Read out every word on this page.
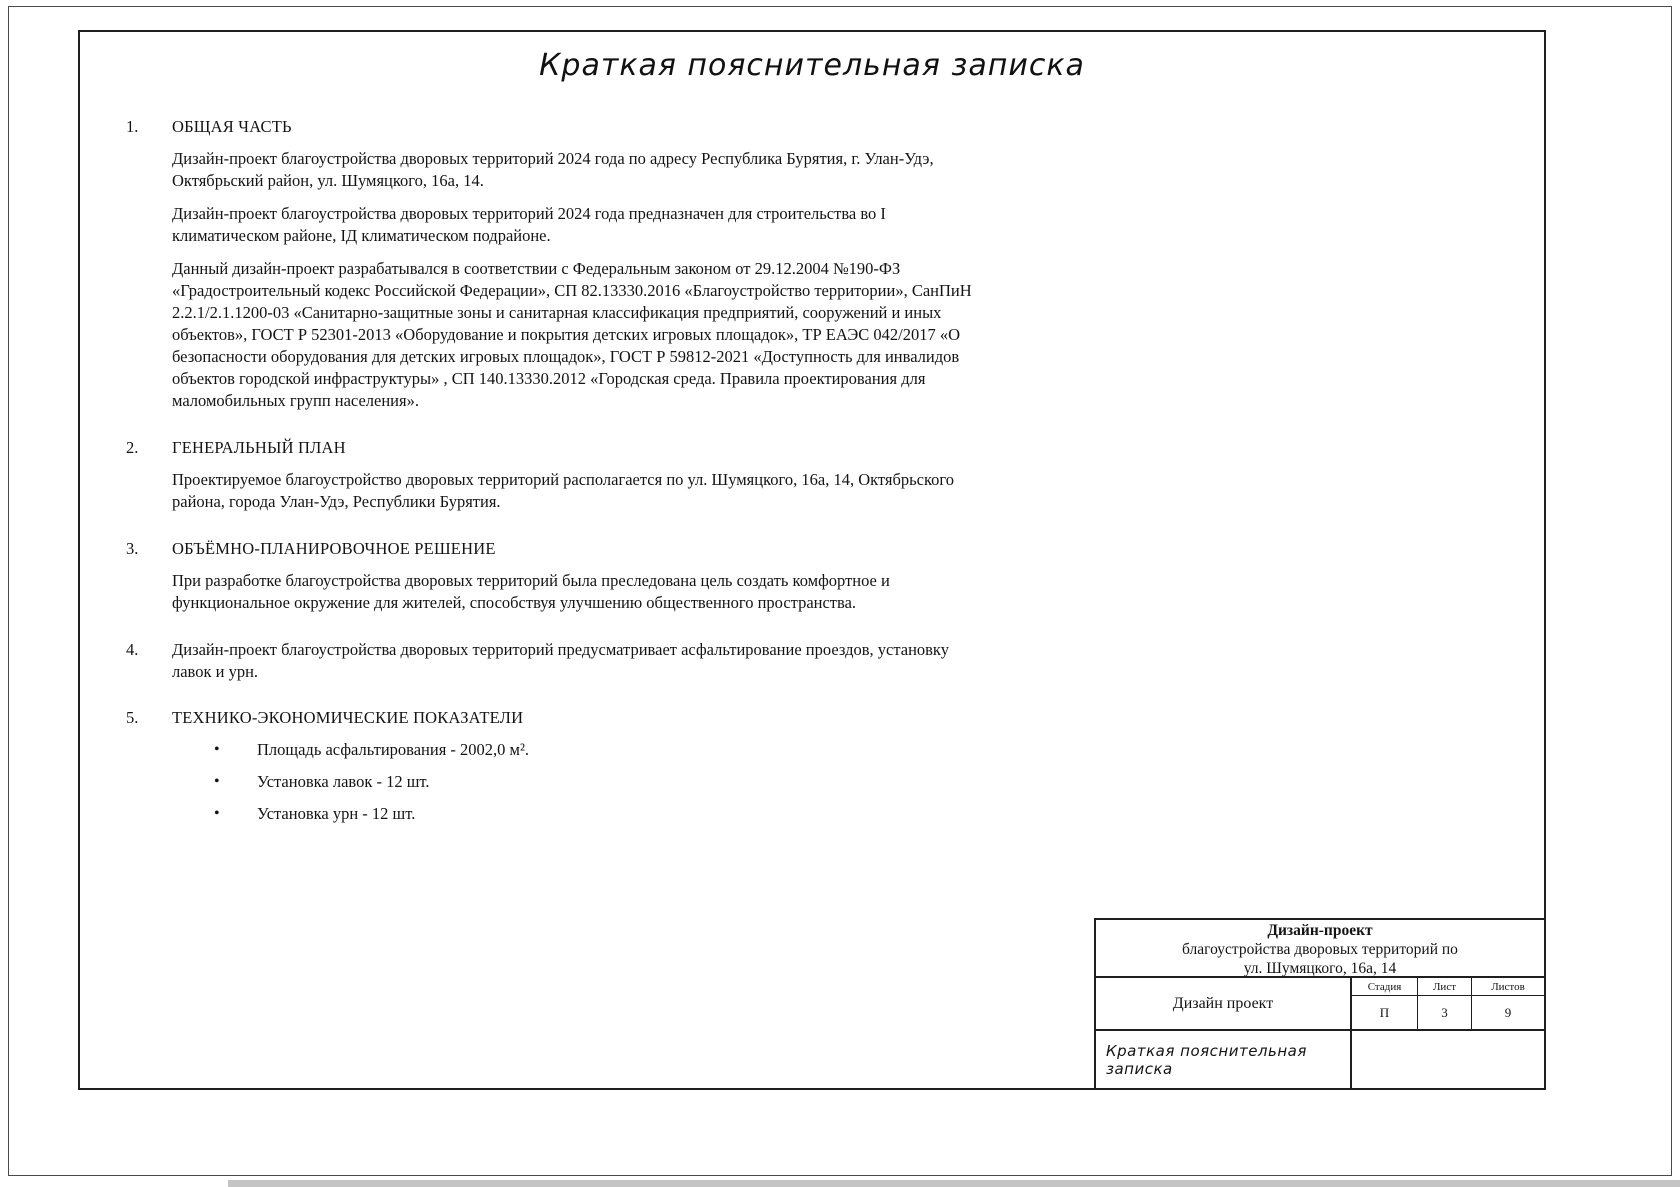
Краткая пояснительная записка
1.	ОБЩАЯ ЧАСТЬ

Дизайн-проект благоустройства дворовых территорий 2024 года по адресу Республика Бурятия, г. Улан-Удэ, Октябрьский район, ул. Шумяцкого, 16а, 14.

Дизайн-проект благоустройства дворовых территорий 2024 года предназначен для строительства во I климатическом районе, IД климатическом подрайоне.

Данный дизайн-проект разрабатывался в соответствии с Федеральным законом от 29.12.2004 №190-ФЗ «Градостроительный кодекс Российской Федерации», СП 82.13330.2016 «Благоустройство территории», СанПиН 2.2.1/2.1.1200-03 «Санитарно-защитные зоны и санитарная классификация предприятий, сооружений и иных объектов», ГОСТ Р 52301-2013 «Оборудование и покрытия детских игровых площадок», ТР ЕАЭС 042/2017 «О безопасности оборудования для детских игровых площадок», ГОСТ Р 59812-2021 «Доступность для инвалидов объектов городской инфраструктуры» , СП 140.13330.2012 «Городская среда. Правила проектирования для маломобильных групп населения».

2.	ГЕНЕРАЛЬНЫЙ ПЛАН

Проектируемое благоустройство дворовых территорий располагается по ул. Шумяцкого, 16а, 14, Октябрьского района, города Улан-Удэ, Республики Бурятия.

3.	ОБЪЁМНО-ПЛАНИРОВОЧНОЕ РЕШЕНИЕ

При разработке благоустройства дворовых территорий была преследована цель создать комфортное и функциональное окружение для жителей, способствуя улучшению общественного пространства.

4.	Дизайн-проект благоустройства дворовых территорий предусматривает асфальтирование проездов, установку лавок и урн.
5.	ТЕХНИКО-ЭКОНОМИЧЕСКИЕ ПОКАЗАТЕЛИ
•	Площадь асфальтирования - 2002,0 м².
•	Установка лавок - 12 шт.
•	Установка урн - 12 шт.
Дизайн-проект
благоустройства дворовых территорий по
ул. Шумяцкого, 16а, 14
Дизайн проект
Стадия	Лист	Листов
П	3	9
Краткая пояснительная записка
